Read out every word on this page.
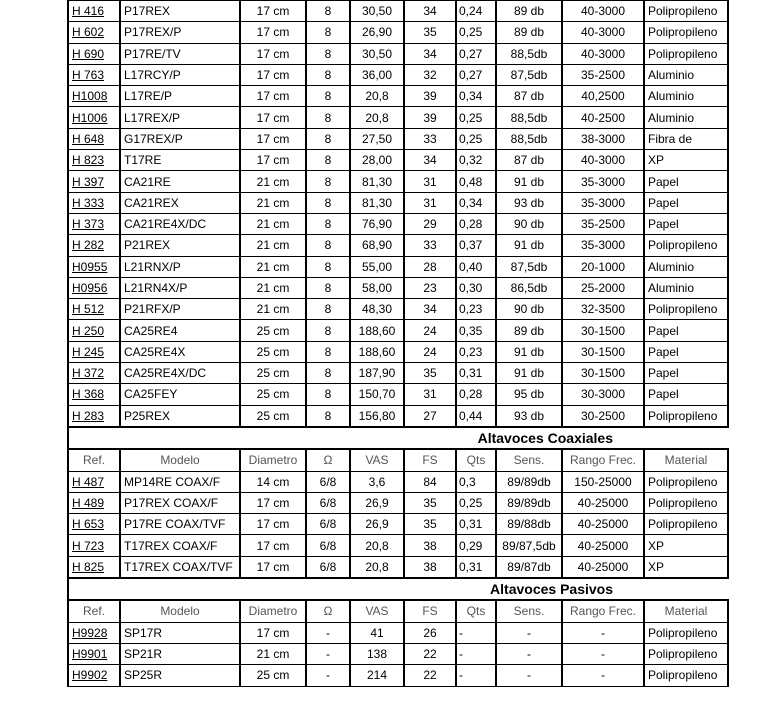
H 416	P17REX	17 cm	8	30,50	34	0,24	89 db	40-3000	Polipropileno
H 602	P17REX/P	17 cm	8	26,90	35	0,25	89 db	40-3000	Polipropileno
H 690	P17RE/TV	17 cm	8	30,50	34	0,27	88,5db	40-3000	Polipropileno
H 763	L17RCY/P	17 cm	8	36,00	32	0,27	87,5db	35-2500	Aluminio
H1008	L17RE/P	17 cm	8	20,8	39	0,34	87 db	40,2500	Aluminio
H1006	L17REX/P	17 cm	8	20,8	39	0,25	88,5db	40-2500	Aluminio
H 648	G17REX/P	17 cm	8	27,50	33	0,25	88,5db	38-3000	Fibra de
H 823	T17RE	17 cm	8	28,00	34	0,32	87 db	40-3000	XP
H 397	CA21RE	21 cm	8	81,30	31	0,48	91 db	35-3000	Papel
H 333	CA21REX	21 cm	8	81,30	31	0,34	93 db	35-3000	Papel
H 373	CA21RE4X/DC	21 cm	8	76,90	29	0,28	90 db	35-2500	Papel
H 282	P21REX	21 cm	8	68,90	33	0,37	91 db	35-3000	Polipropileno
H0955	L21RNX/P	21 cm	8	55,00	28	0,40	87,5db	20-1000	Aluminio
H0956	L21RN4X/P	21 cm	8	58,00	23	0,30	86,5db	25-2000	Aluminio
H 512	P21RFX/P	21 cm	8	48,30	34	0,23	90 db	32-3500	Polipropileno
H 250	CA25RE4	25 cm	8	188,60	24	0,35	89 db	30-1500	Papel
H 245	CA25RE4X	25 cm	8	188,60	24	0,23	91 db	30-1500	Papel
H 372	CA25RE4X/DC	25 cm	8	187,90	35	0,31	91 db	30-1500	Papel
H 368	CA25FEY	25 cm	8	150,70	31	0,28	95 db	30-3000	Papel
H 283	P25REX	25 cm	8	156,80	27	0,44	93 db	30-2500	Polipropileno
Altavoces Coaxiales									
Ref.	Modelo	Diametro	Ω	VAS	FS	Qts	Sens.	Rango Frec.	Material
H 487	MP14RE COAX/F	14 cm	6/8	3,6	84	0,3	89/89db	150-25000	Polipropileno
H 489	P17REX COAX/F	17 cm	6/8	26,9	35	0,25	89/89db	40-25000	Polipropileno
H 653	P17RE COAX/TVF	17 cm	6/8	26,9	35	0,31	89/88db	40-25000	Polipropileno
H 723	T17REX COAX/F	17 cm	6/8	20,8	38	0,29	89/87,5db	40-25000	XP
H 825	T17REX COAX/TVF	17 cm	6/8	20,8	38	0,31	89/87db	40-25000	XP
Altavoces Pasivos									
Ref.	Modelo	Diametro	Ω	VAS	FS	Qts	Sens.	Rango Frec.	Material
H9928	SP17R	17 cm	-	41	26	-	-	-	Polipropileno
H9901	SP21R	21 cm	-	138	22	-	-	-	Polipropileno
H9902	SP25R	25 cm	-	214	22	-	-	-	Polipropileno
